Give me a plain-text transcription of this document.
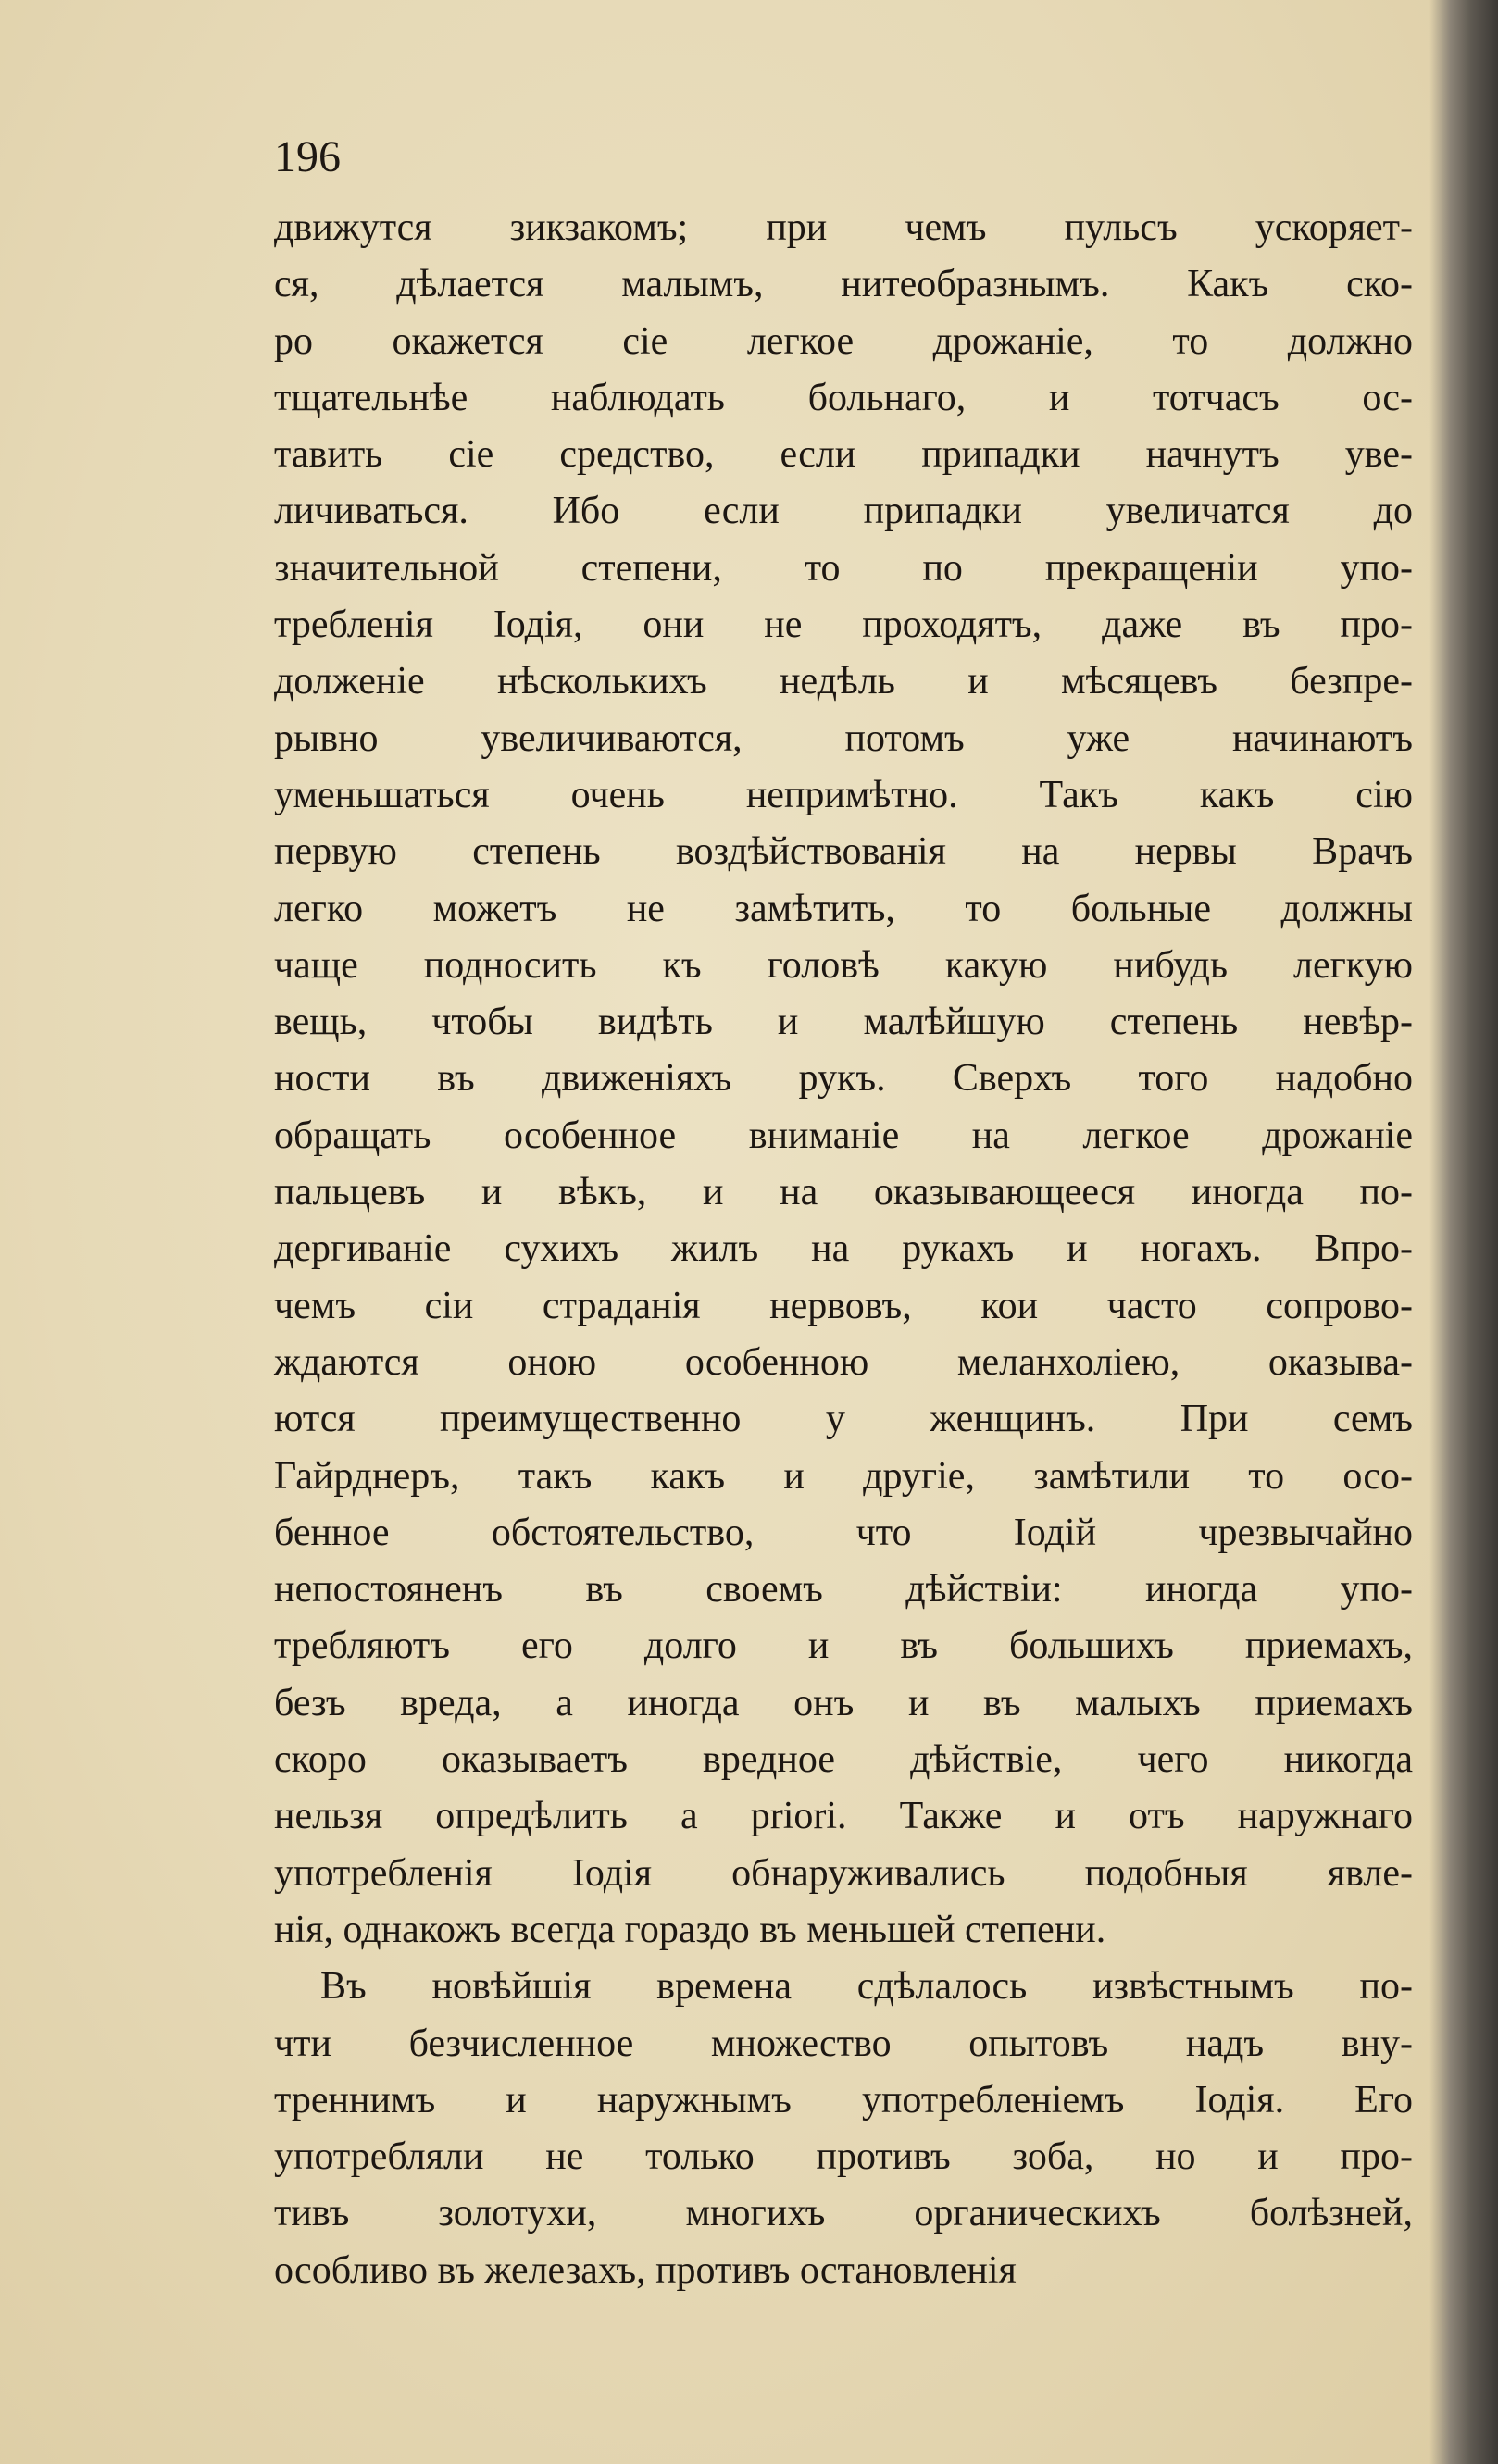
196

движутся зикзакомъ; при чемъ пульсъ ускоряет-
ся, дѣлается малымъ, нитеобразнымъ. Какъ ско-
ро окажется сіе легкое дрожаніе, то должно
тщательнѣе наблюдать больнаго, и тотчасъ ос-
тавить сіе средство, если припадки начнутъ уве-
личиваться. Ибо если припадки увеличатся до
значительной степени, то по прекращеніи упо-
требленія Іодія, они не проходятъ, даже въ про-
долженіе нѣсколькихъ недѣль и мѣсяцевъ безпре-
рывно увеличиваются, потомъ уже начинаютъ
уменьшаться очень непримѣтно. Такъ какъ сію
первую степень воздѣйствованія на нервы Врачъ
легко можетъ не замѣтить, то больные должны
чаще подносить къ головѣ какую нибудь легкую
вещь, чтобы видѣть и малѣйшую степень невѣр-
ности въ движеніяхъ рукъ. Сверхъ того надобно
обращать особенное вниманіе на легкое дрожаніе
пальцевъ и вѣкъ, и на оказывающееся иногда по-
дергиваніе сухихъ жилъ на рукахъ и ногахъ. Впро-
чемъ сіи страданія нервовъ, кои часто сопрово-
ждаются оною особенною меланхоліею, оказыва-
ются преимущественно у женщинъ. При семъ
Гайрднеръ, такъ какъ и другіе, замѣтили то осо-
бенное обстоятельство, что Іодій чрезвычайно
непостояненъ въ своемъ дѣйствіи: иногда упо-
требляютъ его долго и въ большихъ приемахъ,
безъ вреда, а иногда онъ и въ малыхъ приемахъ
скоро оказываетъ вредное дѣйствіе, чего никогда
нельзя опредѣлить a priori. Также и отъ наружнаго
употребленія Іодія обнаруживались подобныя явле-
нія, однакожъ всегда гораздо въ меньшей степени.
Въ новѣйшія времена сдѣлалось извѣстнымъ по-
чти безчисленное множество опытовъ надъ вну-
треннимъ и наружнымъ употребленіемъ Іодія. Его
употребляли не только противъ зоба, но и про-
тивъ золотухи, многихъ органическихъ болѣзней,
особливо въ железахъ, противъ остановленія
